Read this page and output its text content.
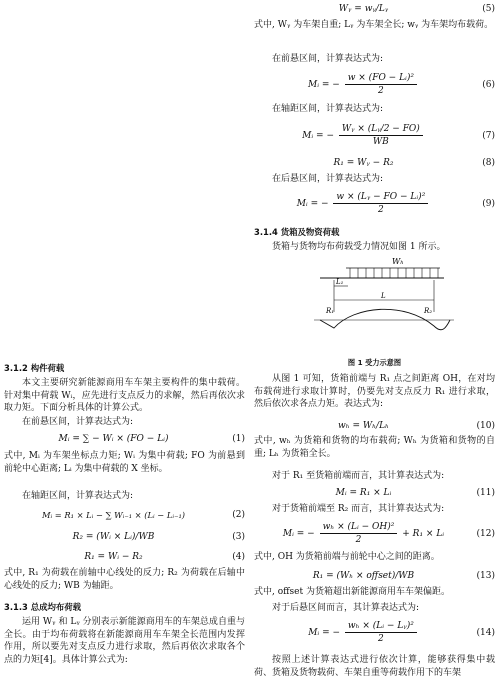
3.1.2 构件荷载
本文主要研究新能源商用车车架主要构件的集中载荷。针对集中荷载 Wᵢ，应先进行支点反力的求解，然后再依次求取力矩。下面分析具体的计算公式。
在前悬区间，计算表达式为:
Mᵢ = ∑ − Wᵢ × (FO − Lᵢ)	(1)
式中, Mᵢ 为车架坐标点力矩; Wᵢ 为集中荷载; FO 为前悬到前轮中心距离; Lᵢ 为集中荷载的 X 坐标。
在轴距区间，计算表达式为:
Mᵢ = R₁ × Lᵢ − ∑ Wᵢ₋₁ × (Lᵢ − Lᵢ₋₁)	(2)
R₂ = (Wᵢ × Lᵢ)/WB	(3)
R₁ = Wᵢ − R₂	(4)
式中, R₁ 为荷载在前轴中心线处的反力; R₂ 为荷载在后轴中心线处的反力; WB 为轴距。
3.1.3 总成均布荷载
运用 Wᵧ 和 Lᵧ 分别表示新能源商用车的车架总成自重与全长。由于均布荷载将在新能源商用车车架全长范围内发挥作用，所以要先对支点反力进行求取，然后再依次求取各个点的力矩[4]。具体计算公式为:
Wᵧ = wᵧ/Lᵧ	(5)
式中, Wᵧ 为车架自重; Lᵧ 为车架全长; wᵧ 为车架均布载荷。
在前悬区间，计算表达式为:
Mᵢ = − $\frac{\text{w × (FO − Lᵢ)²}}{2}$	(6)
在轴距区间，计算表达式为:
Mᵢ = − $\frac{\text{Wᵧ × (Lᵧ/2 − FO)}}{WB}$	(7)
R₁ = Wᵧ − R₂	(8)
在后悬区间，计算表达式为:
Mᵢ = − $\frac{\text{w × (Lᵧ − FO − Lᵢ)²}}{2}$	(9)
3.1.4 货箱及物资荷载
货箱与货物均布荷载受力情况如图 1 所示。
Wₕ
L₁
L
R₁	R₂
图 1 受力示意图
从图 1 可知，货箱前端与 R₁ 点之间距离 OH，在对均布载荷进行求取计算时，仍要先对支点反力 R₁ 进行求取，然后依次求各点力矩。表达式为:
wₕ = Wₕ/Lₕ	(10)
式中, wₕ 为货箱和货物的均布载荷; Wₕ 为货箱和货物的自重; Lₕ 为货箱全长。
对于 R₁ 至货箱前端而言，其计算表达式为:
Mᵢ = R₁ × Lᵢ	(11)
对于货箱前端至 R₂ 而言，其计算表达式为:
Mᵢ = − $\frac{\text{wₕ × (Lᵢ − OH)²}}{2} + R_1$ × Lᵢ	(12)
式中, OH 为货箱前端与前轮中心之间的距离。
R₁ = (Wₕ × offset)/WB	(13)
式中, offset 为货箱超出新能源商用车车架偏距。
对于后悬区间而言，其计算表达式为:
Mᵢ = − $\frac{\text{wₕ × (Lᵢ − Lᵧ)²}}{2}$	(14)
按照上述计算表达式进行依次计算，能够获得集中载荷、货箱及货物载荷、车架自重等荷载作用下的车架
